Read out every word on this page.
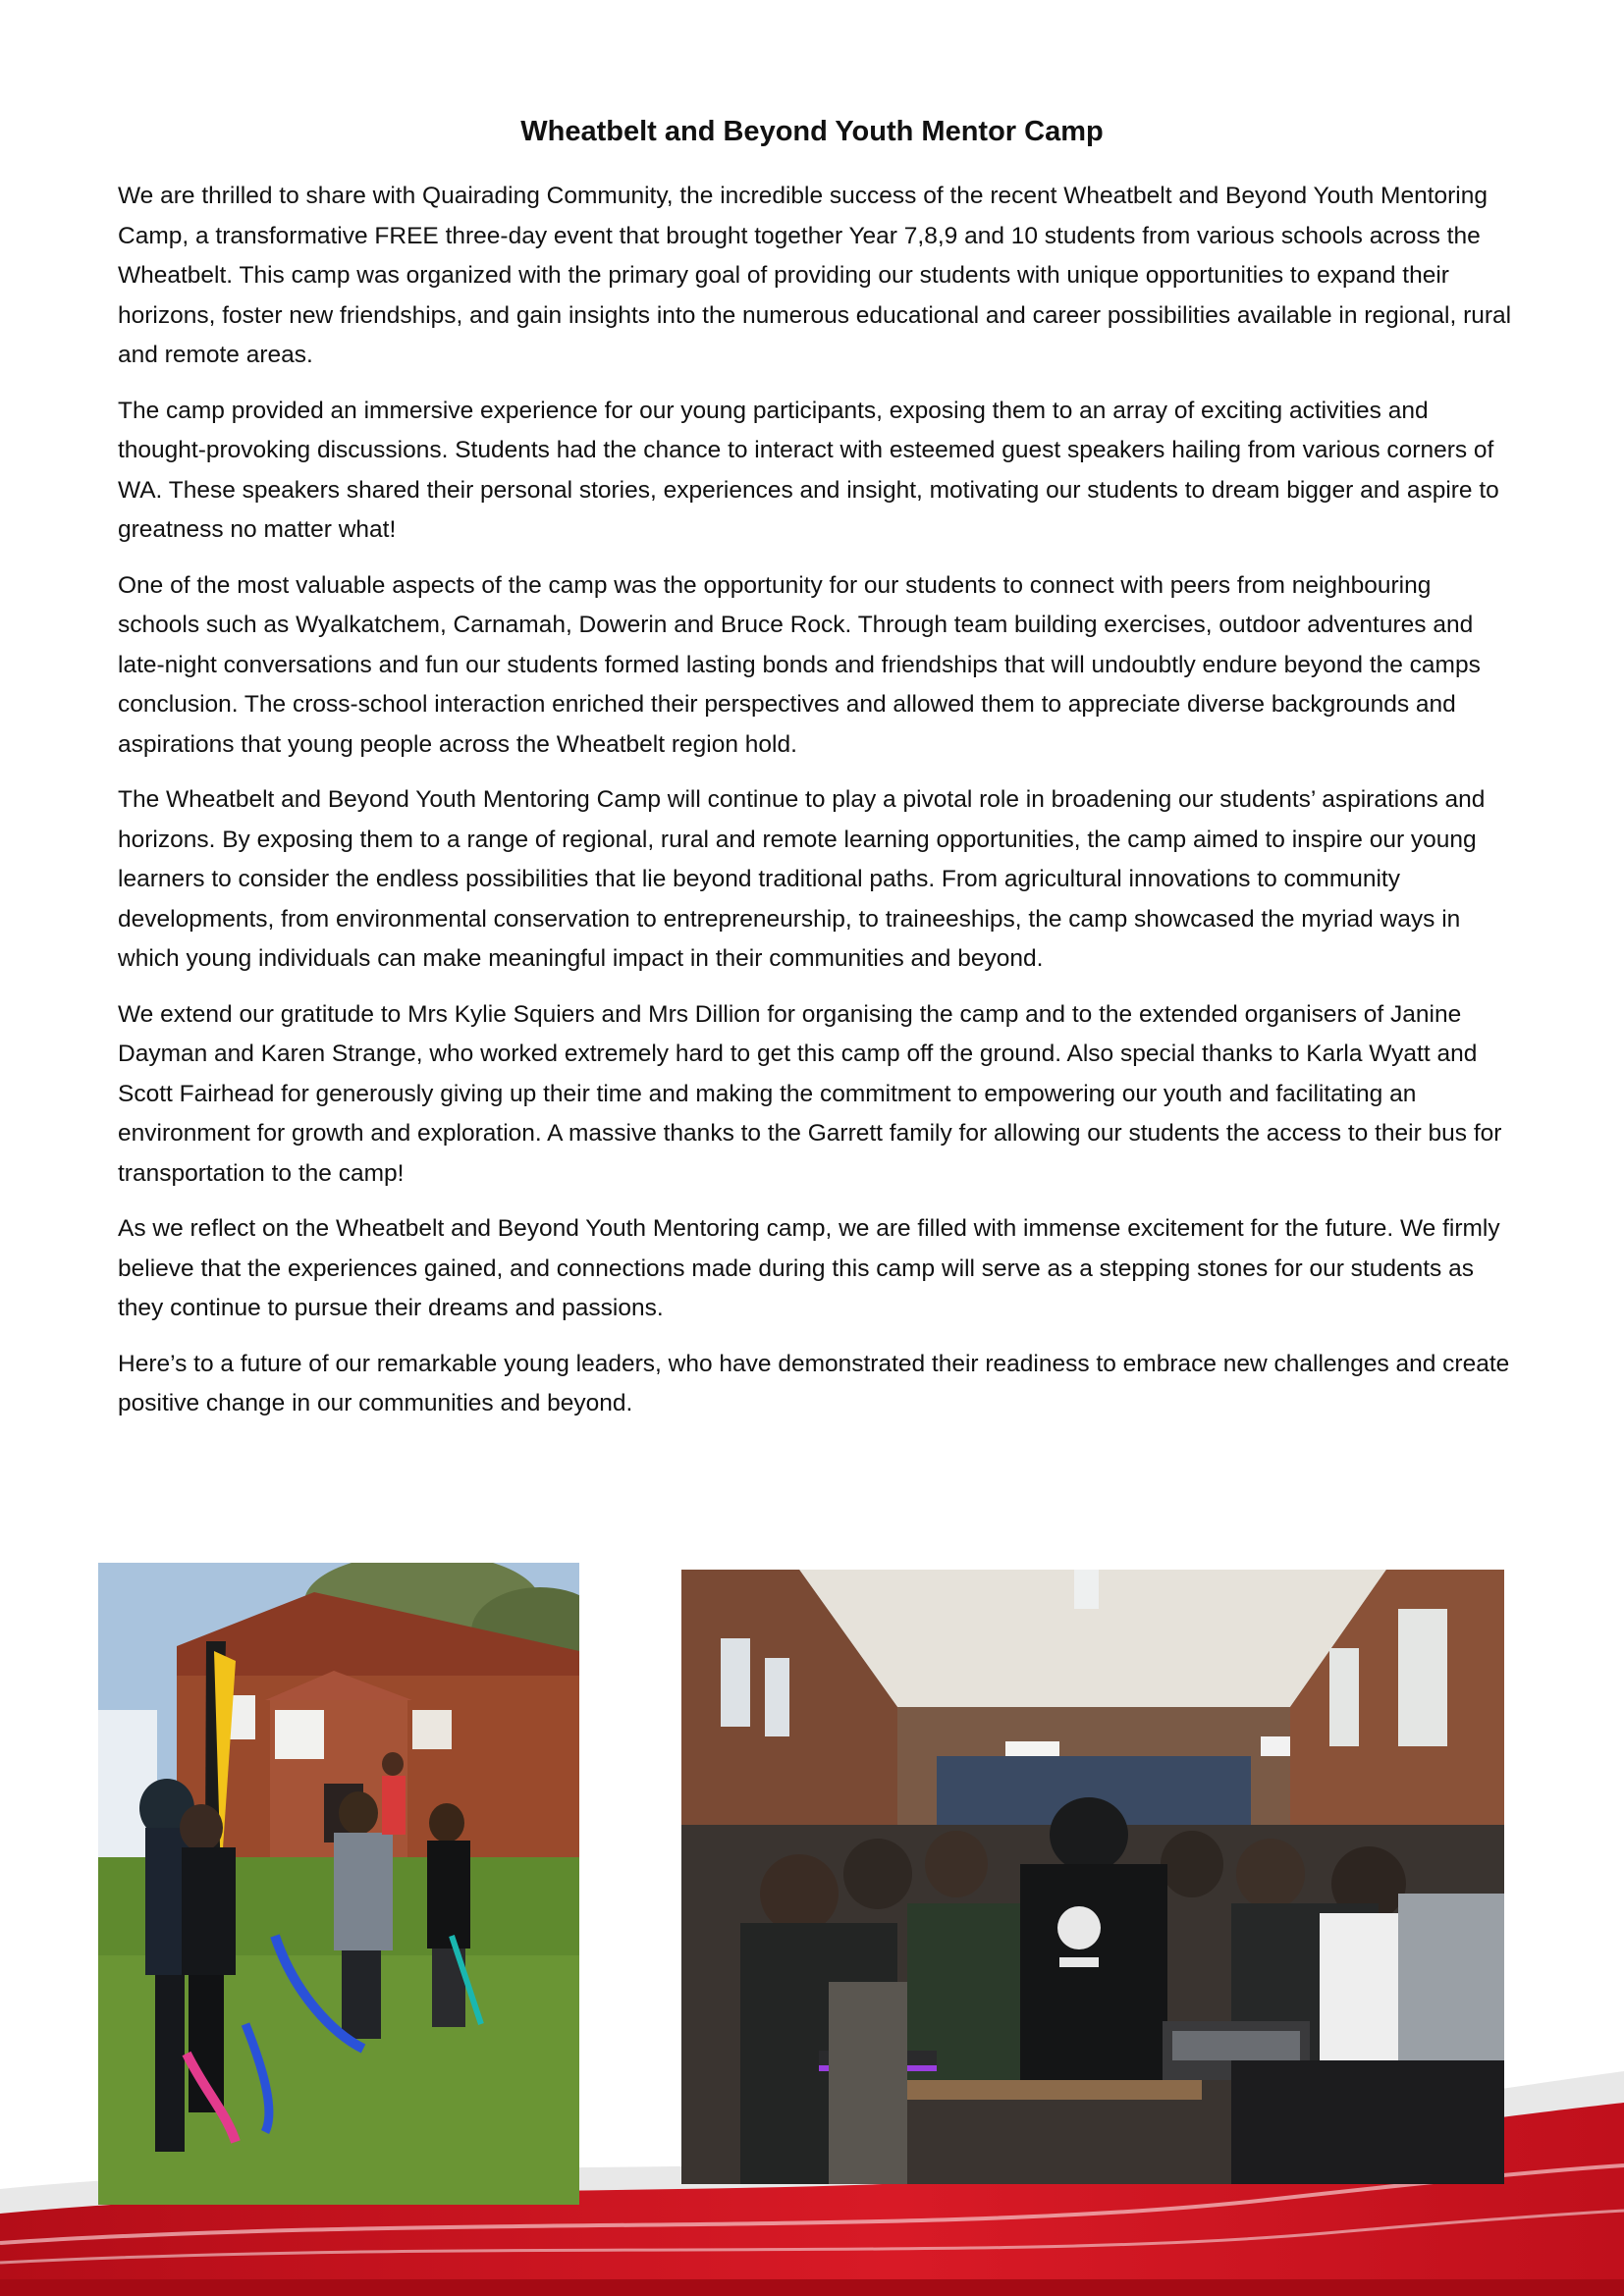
Wheatbelt and Beyond Youth Mentor Camp

We are thrilled to share with Quairading Community, the incredible success of the recent Wheatbelt and Beyond Youth Mentoring Camp, a transformative FREE three-day event that brought together Year 7,8,9 and 10 students from various schools across the Wheatbelt. This camp was organized with the primary goal of providing our students with unique opportunities to expand their horizons, foster new friendships, and gain insights into the numerous educational and career possibilities available in regional, rural and remote areas.

The camp provided an immersive experience for our young participants, exposing them to an array of exciting activities and thought-provoking discussions. Students had the chance to interact with esteemed guest speakers hailing from various corners of WA. These speakers shared their personal stories, experiences and insight, motivating our students to dream bigger and aspire to greatness no matter what!

One of the most valuable aspects of the camp was the opportunity for our students to connect with peers from neighbouring schools such as Wyalkatchem, Carnamah, Dowerin and Bruce Rock. Through team building exercises, outdoor adventures and late-night conversations and fun our students formed lasting bonds and friendships that will undoubtly endure beyond the camps conclusion. The cross-school interaction enriched their perspectives and allowed them to appreciate diverse backgrounds and aspirations that young people across the Wheatbelt region hold.

The Wheatbelt and Beyond Youth Mentoring Camp will continue to play a pivotal role in broadening our students’ aspirations and horizons. By exposing them to a range of regional, rural and remote learning opportunities, the camp aimed to inspire our young learners to consider the endless possibilities that lie beyond traditional paths. From agricultural innovations to community developments, from environmental conservation to entrepreneurship, to traineeships, the camp showcased the myriad ways in which young individuals can make meaningful impact in their communities and beyond.

We extend our gratitude to Mrs Kylie Squiers and Mrs Dillion for organising the camp and to the extended organisers of Janine Dayman and Karen Strange, who worked extremely hard to get this camp off the ground. Also special thanks to Karla Wyatt and Scott Fairhead for generously giving up their time and making the commitment to empowering our youth and facilitating an environment for growth and exploration. A massive thanks to the Garrett family for allowing our students the access to their bus for transportation to the camp!

As we reflect on the Wheatbelt and Beyond Youth Mentoring camp, we are filled with immense excitement for the future. We firmly believe that the experiences gained, and connections made during this camp will serve as a stepping stones for our students as they continue to pursue their dreams and passions.

Here’s to a future of our remarkable young leaders, who have demonstrated their readiness to embrace new challenges and create positive change in our communities and beyond.
